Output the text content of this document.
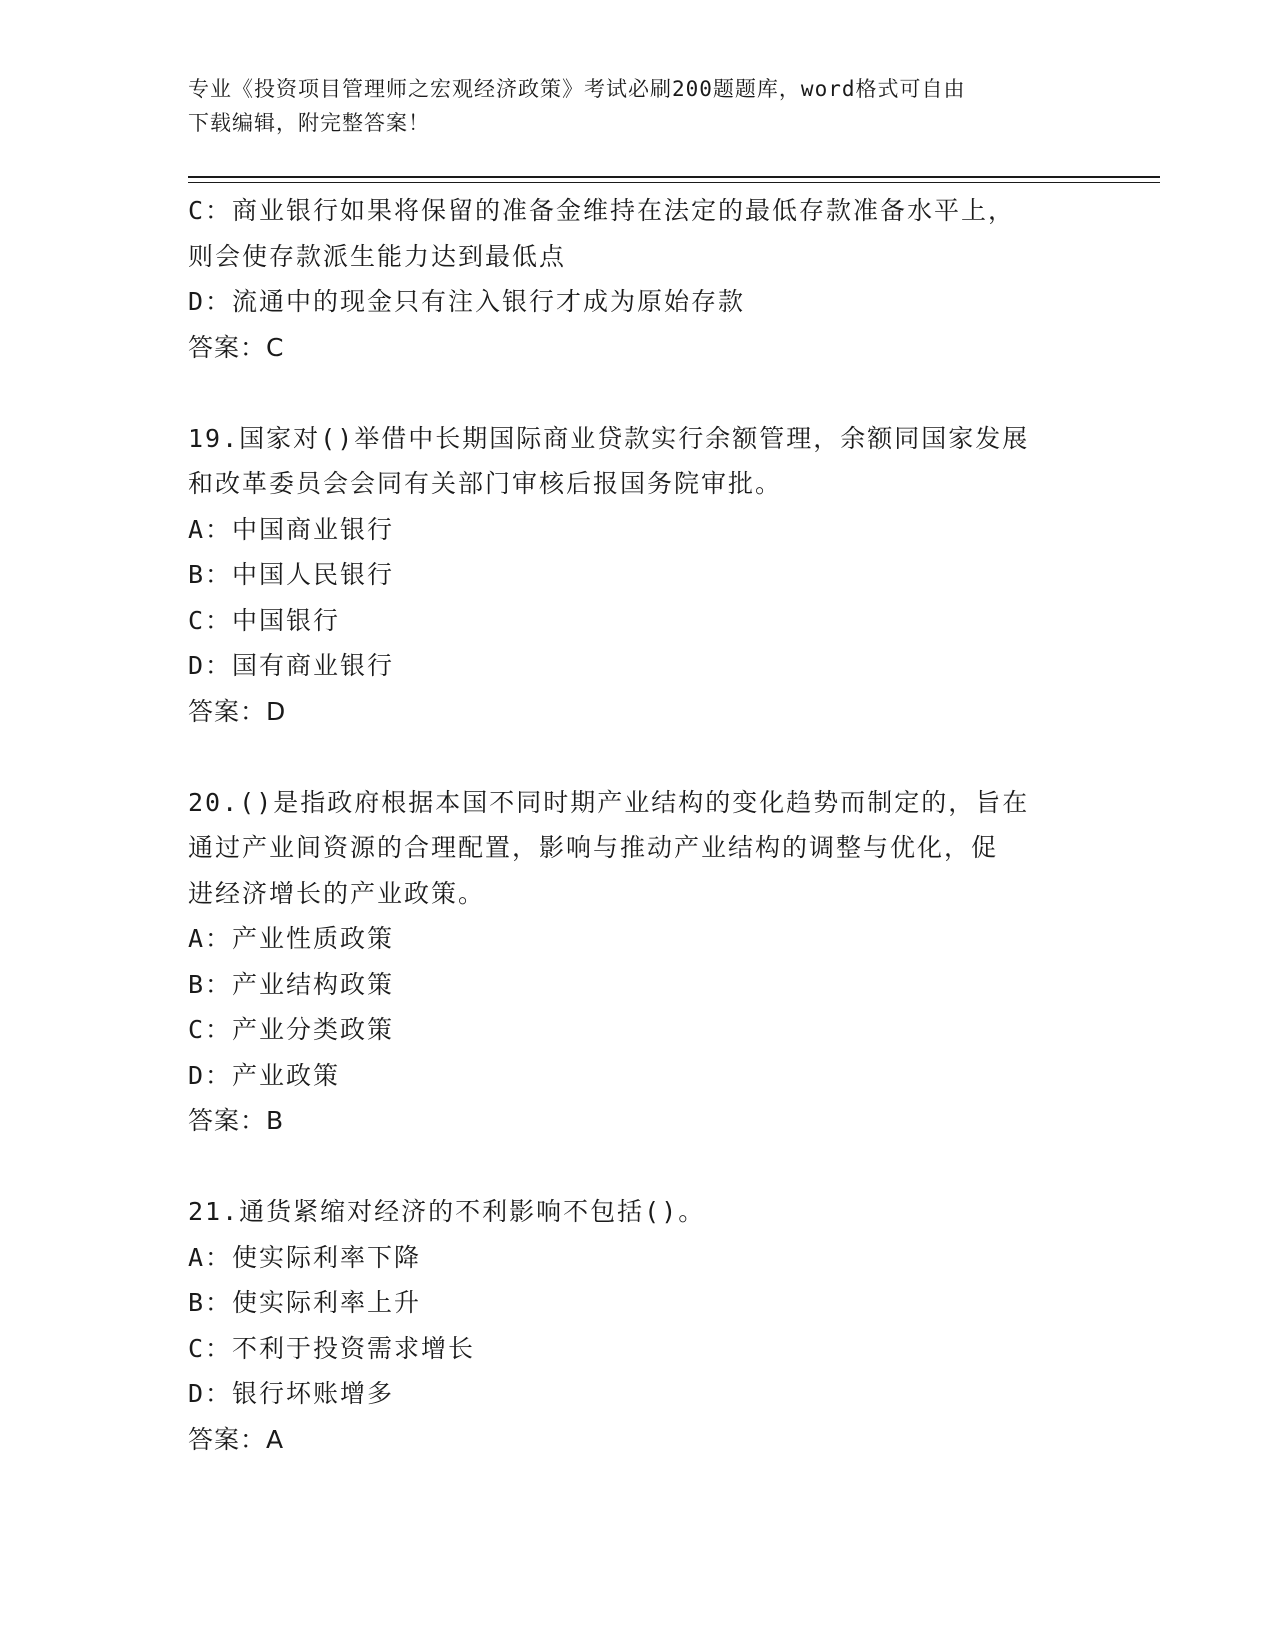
专业《投资项目管理师之宏观经济政策》考试必刷200题题库，word格式可自由
下载编辑，附完整答案！
C：商业银行如果将保留的准备金维持在法定的最低存款准备水平上，
则会使存款派生能力达到最低点
D：流通中的现金只有注入银行才成为原始存款
答案：C
19.国家对()举借中长期国际商业贷款实行余额管理，余额同国家发展
和改革委员会会同有关部门审核后报国务院审批。
A：中国商业银行
B：中国人民银行
C：中国银行
D：国有商业银行
答案：D
20.()是指政府根据本国不同时期产业结构的变化趋势而制定的，旨在
通过产业间资源的合理配置，影响与推动产业结构的调整与优化，促
进经济增长的产业政策。
A：产业性质政策
B：产业结构政策
C：产业分类政策
D：产业政策
答案：B
21.通货紧缩对经济的不利影响不包括()。
A：使实际利率下降
B：使实际利率上升
C：不利于投资需求增长
D：银行坏账增多
答案：A
